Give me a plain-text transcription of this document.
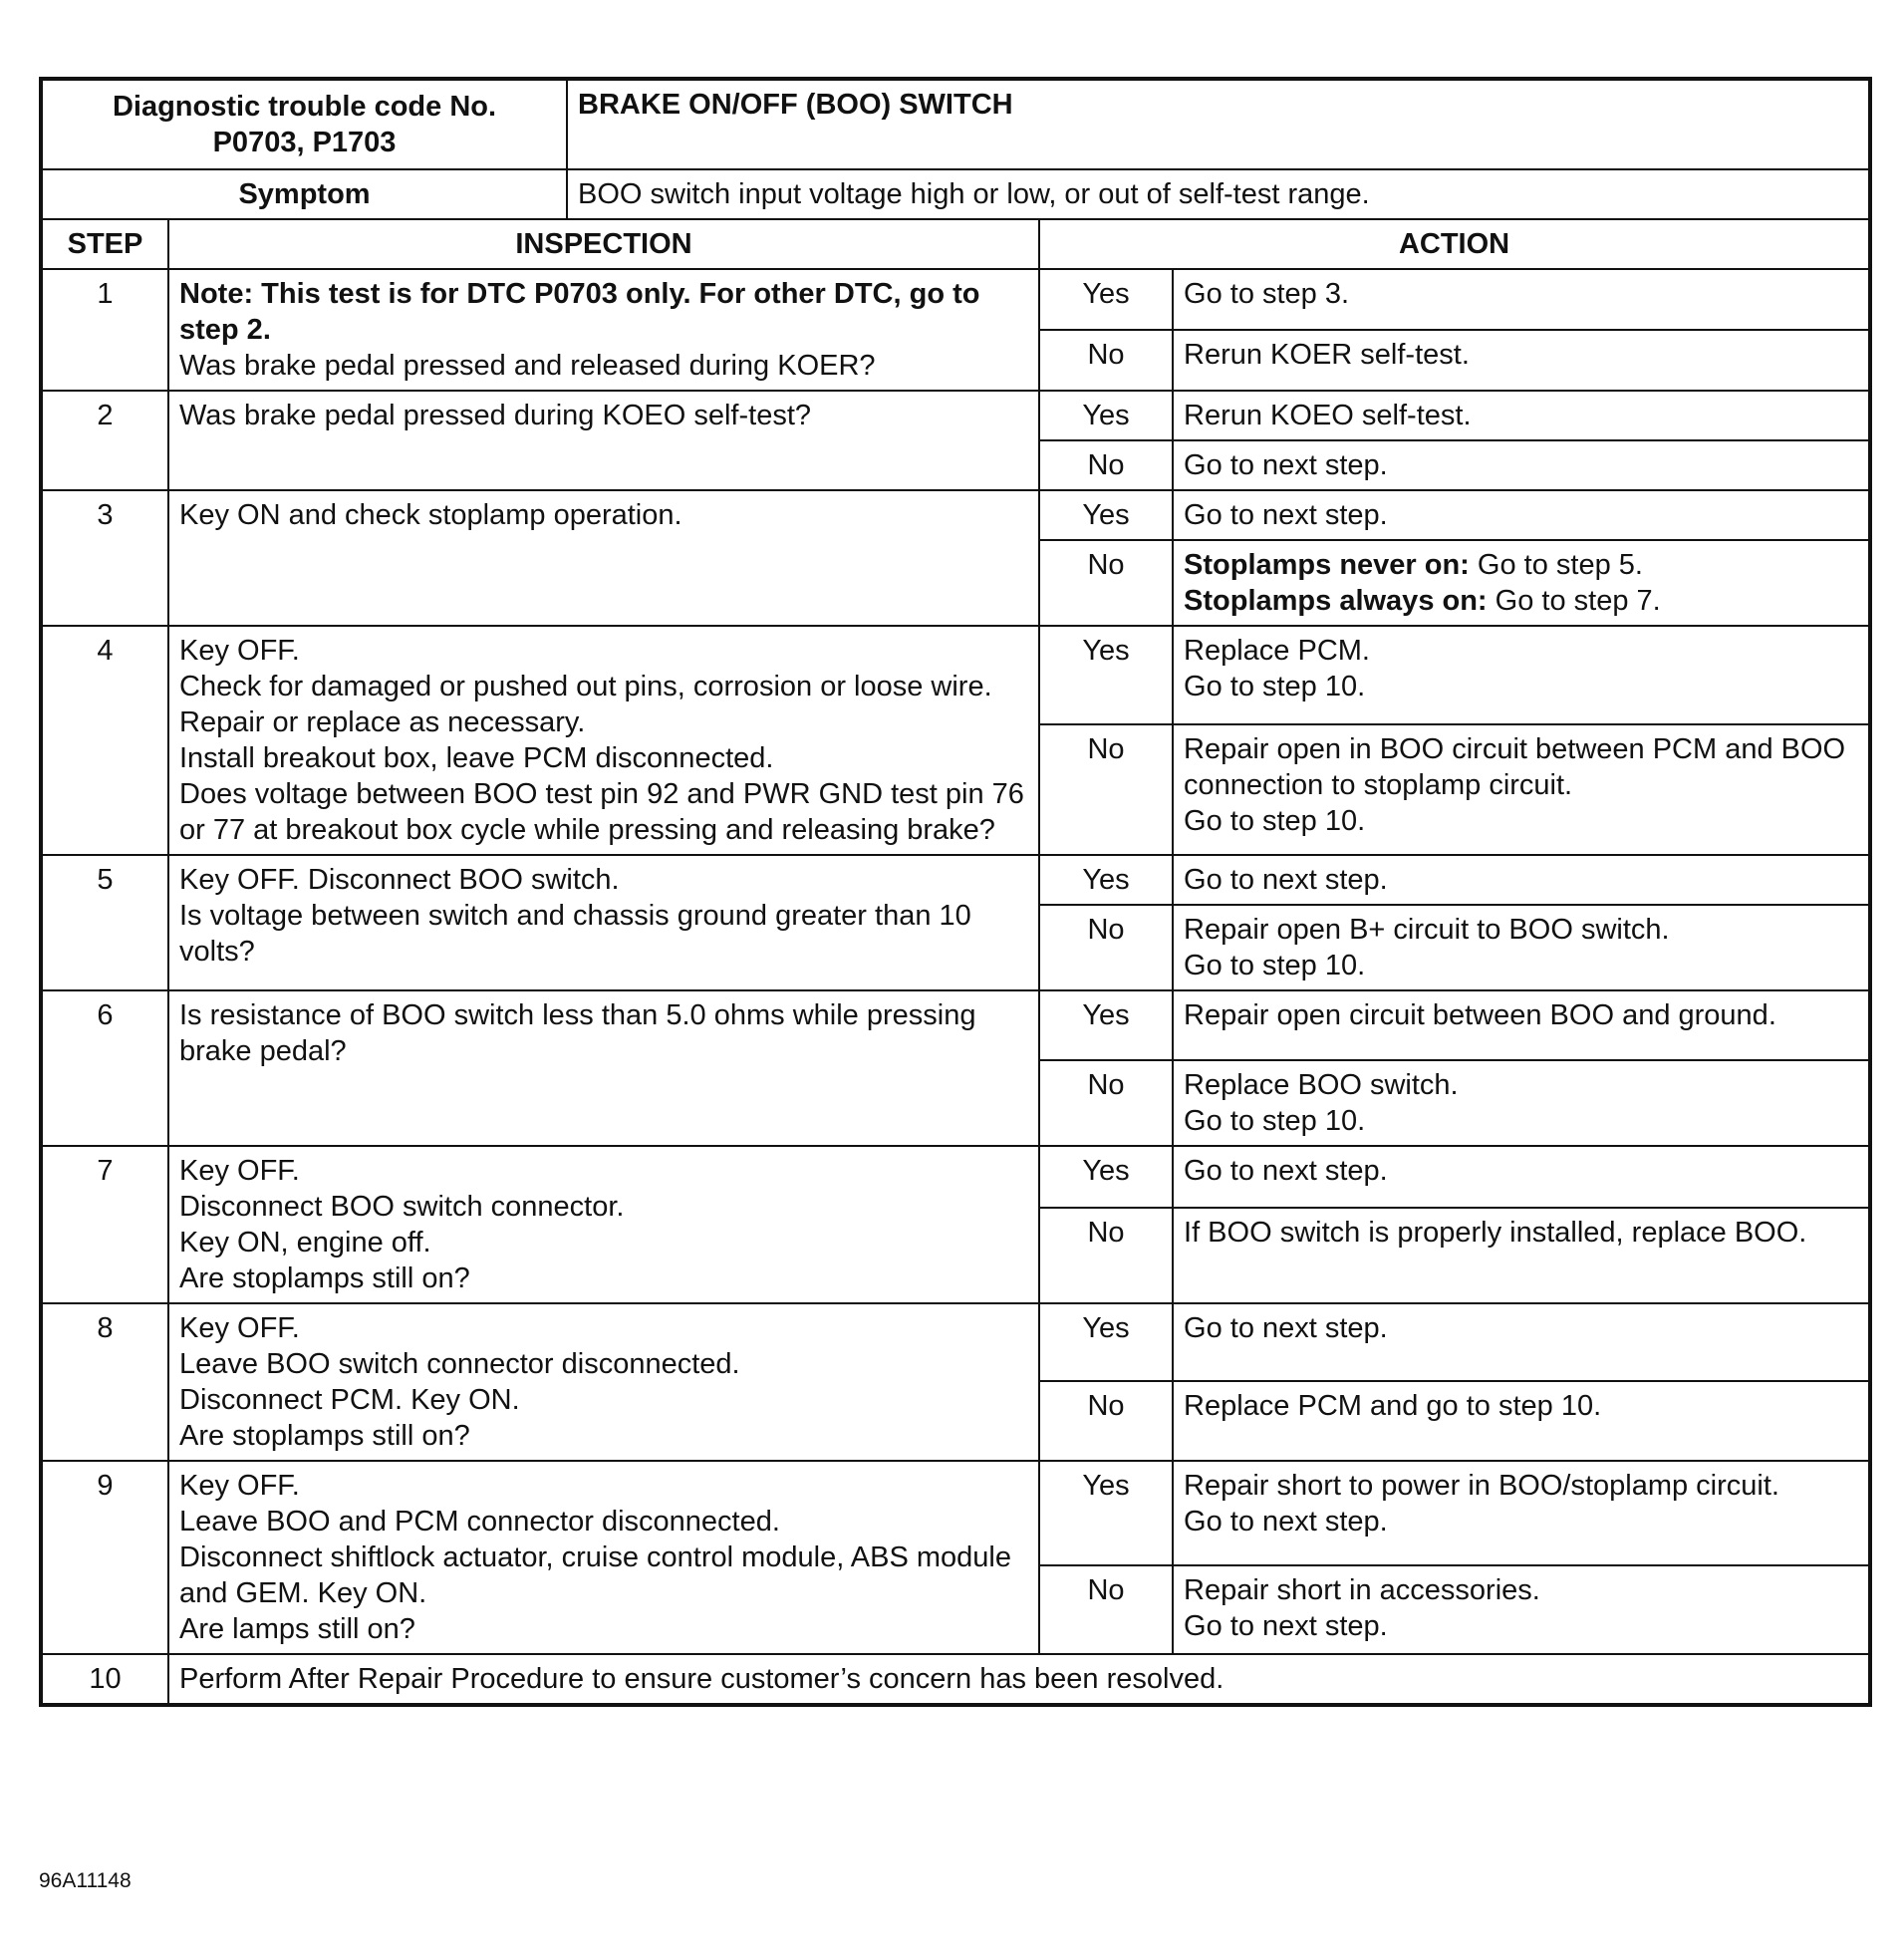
Diagnostic trouble code No. P0703, P1703		BRAKE ON/OFF (BOO) SWITCH		
Symptom		BOO switch input voltage high or low, or out of self-test range.		
STEP	INSPECTION		ACTION	
1	Note: This test is for DTC P0703 only. For other DTC, go to step 2.
Was brake pedal pressed and released during KOER?		Yes	Go to step 3.

			No	Rerun KOER self-test.

2	Was brake pedal pressed during KOEO self-test?		Yes	Rerun KOEO self-test.

			No	Go to next step.

3	Key ON and check stoplamp operation.		Yes	Go to next step.

			No	Stoplamps never on: Go to step 5.
Stoplamps always on: Go to step 7.

4	Key OFF.
Check for damaged or pushed out pins, corrosion or loose wire. Repair or replace as necessary.
Install breakout box, leave PCM disconnected.
Does voltage between BOO test pin 92 and PWR GND test pin 76 or 77 at breakout box cycle while pressing and releasing brake?		Yes	Replace PCM.
Go to step 10.

			No	Repair open in BOO circuit between PCM and BOO connection to stoplamp circuit.
Go to step 10.

5	Key OFF. Disconnect BOO switch.
Is voltage between switch and chassis ground greater than 10 volts?		Yes	Go to next step.

			No	Repair open B+ circuit to BOO switch.
Go to step 10.

6	Is resistance of BOO switch less than 5.0 ohms while pressing brake pedal?		Yes	Repair open circuit between BOO and ground.

			No	Replace BOO switch.
Go to step 10.

7	Key OFF.
Disconnect BOO switch connector.
Key ON, engine off.
Are stoplamps still on?		Yes	Go to next step.

			No	If BOO switch is properly installed, replace BOO.

8	Key OFF.
Leave BOO switch connector disconnected.
Disconnect PCM. Key ON.
Are stoplamps still on?		Yes	Go to next step.

			No	Replace PCM and go to step 10.

9	Key OFF.
Leave BOO and PCM connector disconnected.
Disconnect shiftlock actuator, cruise control module, ABS module and GEM. Key ON.
Are lamps still on?		Yes	Repair short to power in BOO/stoplamp circuit.
Go to next step.

			No	Repair short in accessories.
Go to next step.

10	Perform After Repair Procedure to ensure customer’s concern has been resolved.			
96A11148
